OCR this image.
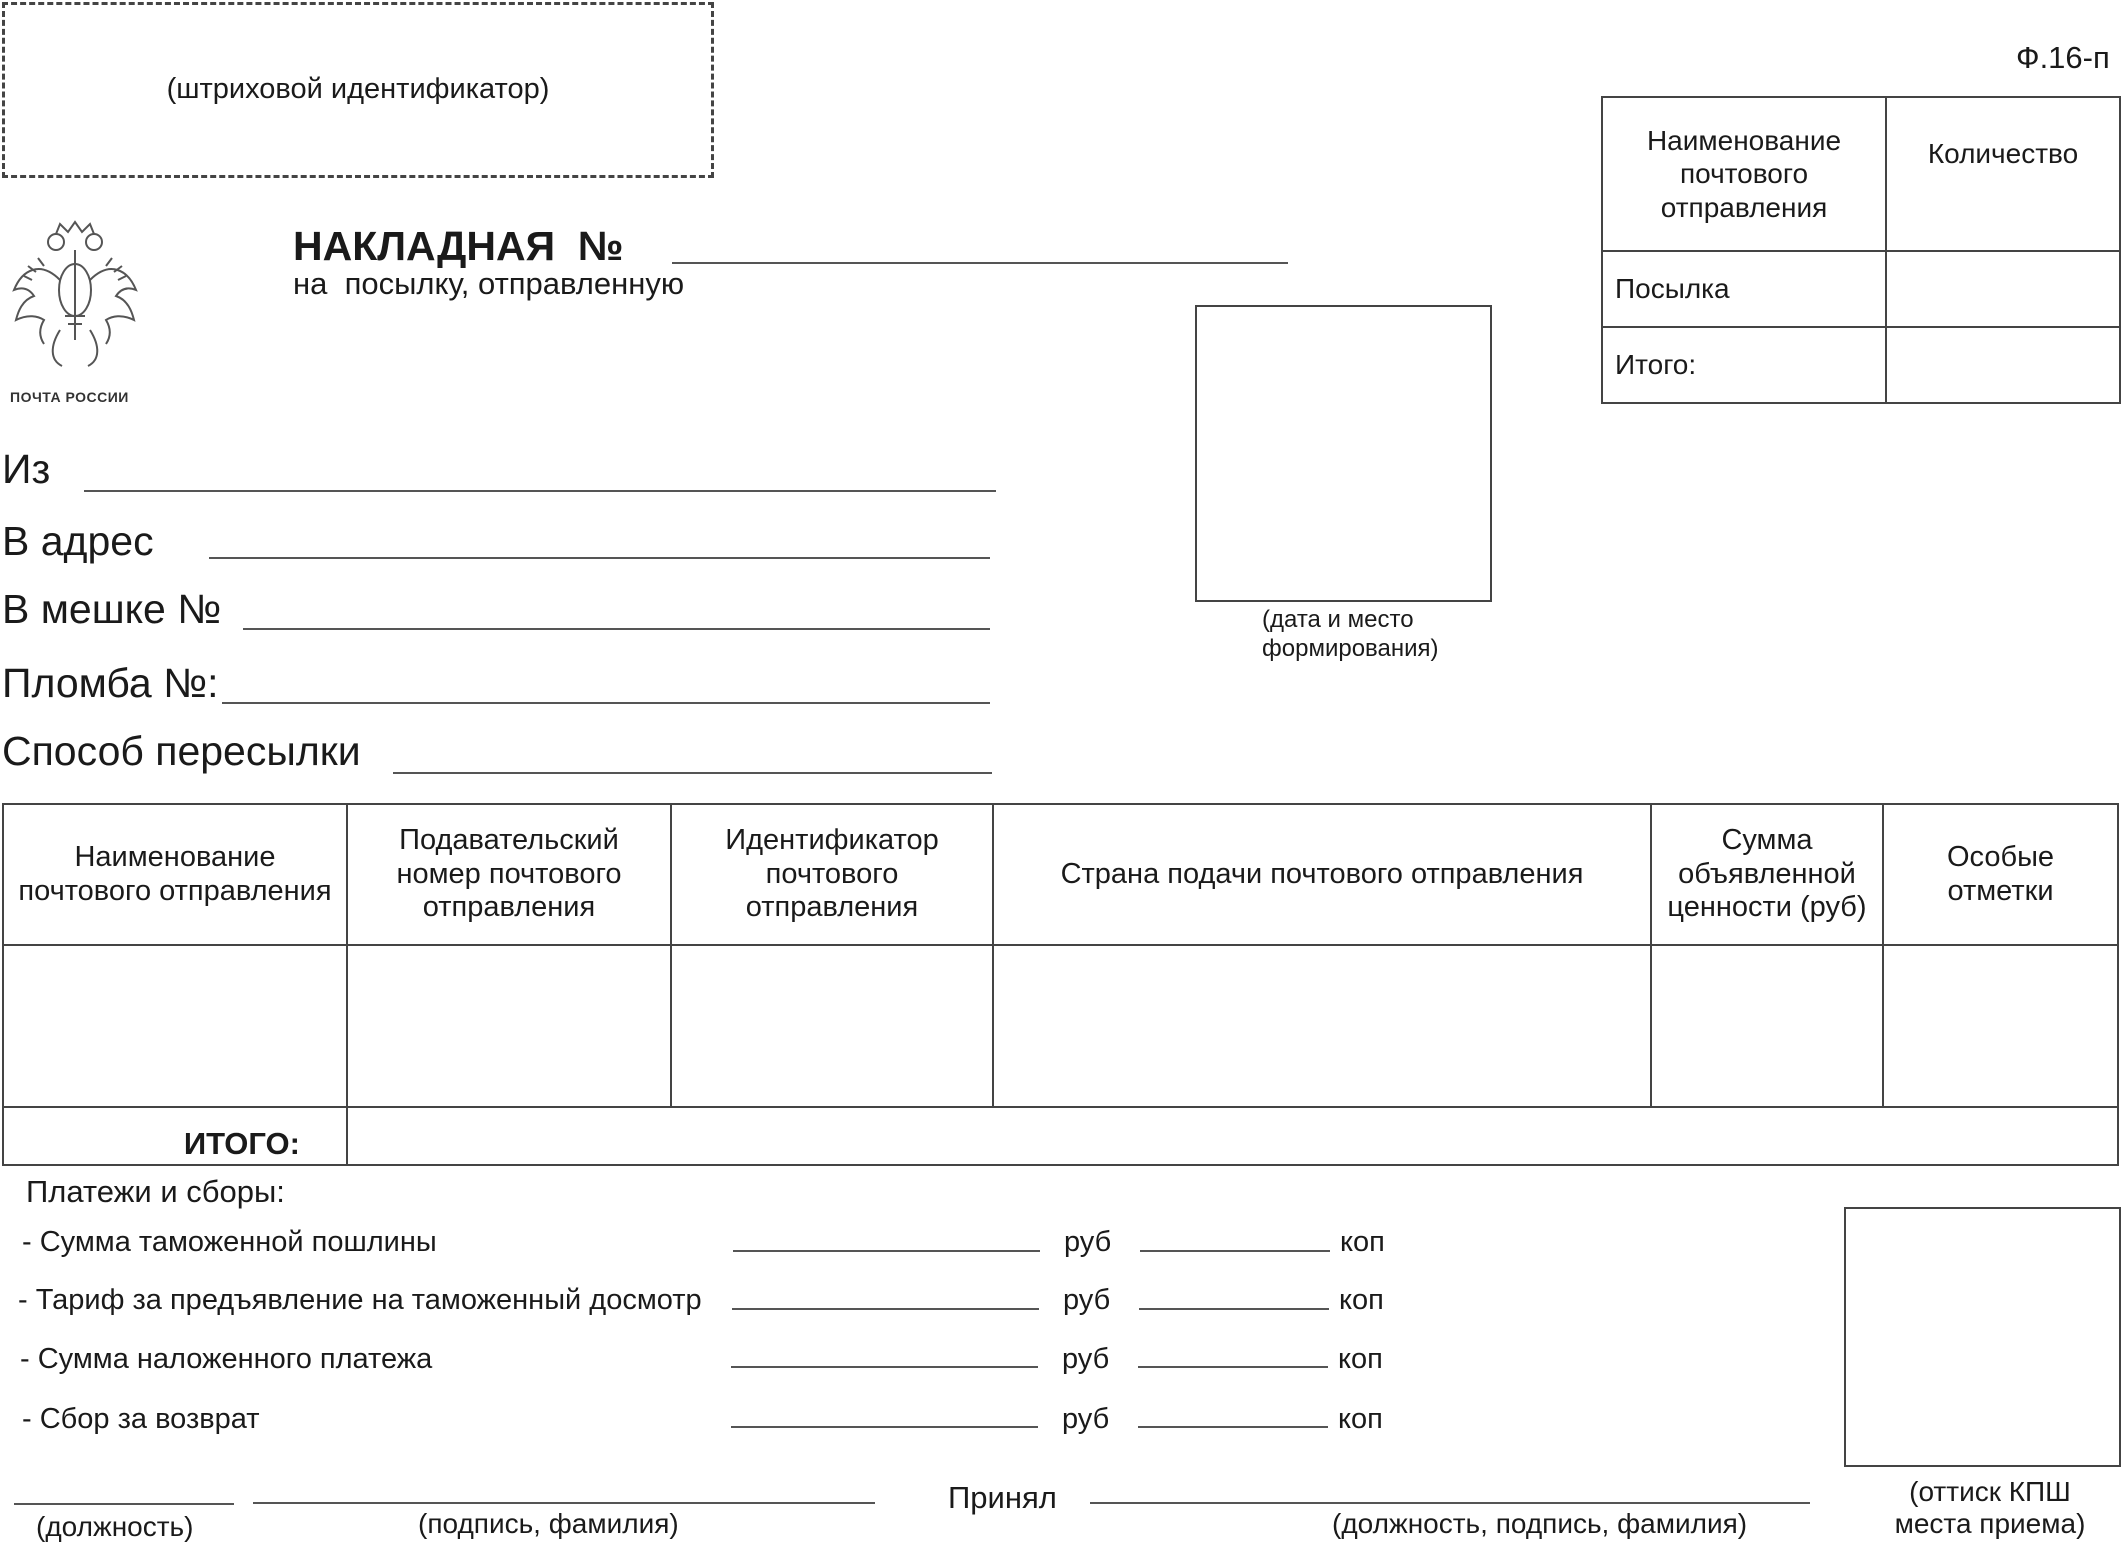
(штриховой идентификатор)
Ф.16-п
ПОЧТА РОССИИ
НАКЛАДНАЯ  №
на  посылку, отправленную
Наименование почтового отправления	Количество
Посылка	
Итого:	
(дата и место
формирования)
Из
В адрес
В мешке №
Пломба №:
Способ пересылки
Наименование почтового отправления	Подавательский номер почтового отправления	Идентификатор почтового отправления	Страна подачи почтового отправления	Сумма объявленной ценности (руб)	Особые отметки

ИТОГО:					
Платежи и сборы:
- Сумма таможенной пошлины
- Тариф за предъявление на таможенный досмотр
- Сумма наложенного платежа
- Сбор за возврат
руб	коп
руб	коп
руб	коп
руб	коп
(оттиск КПШ
места приема)
(должность)	(подпись, фамилия)
Принял
(должность, подпись, фамилия)
